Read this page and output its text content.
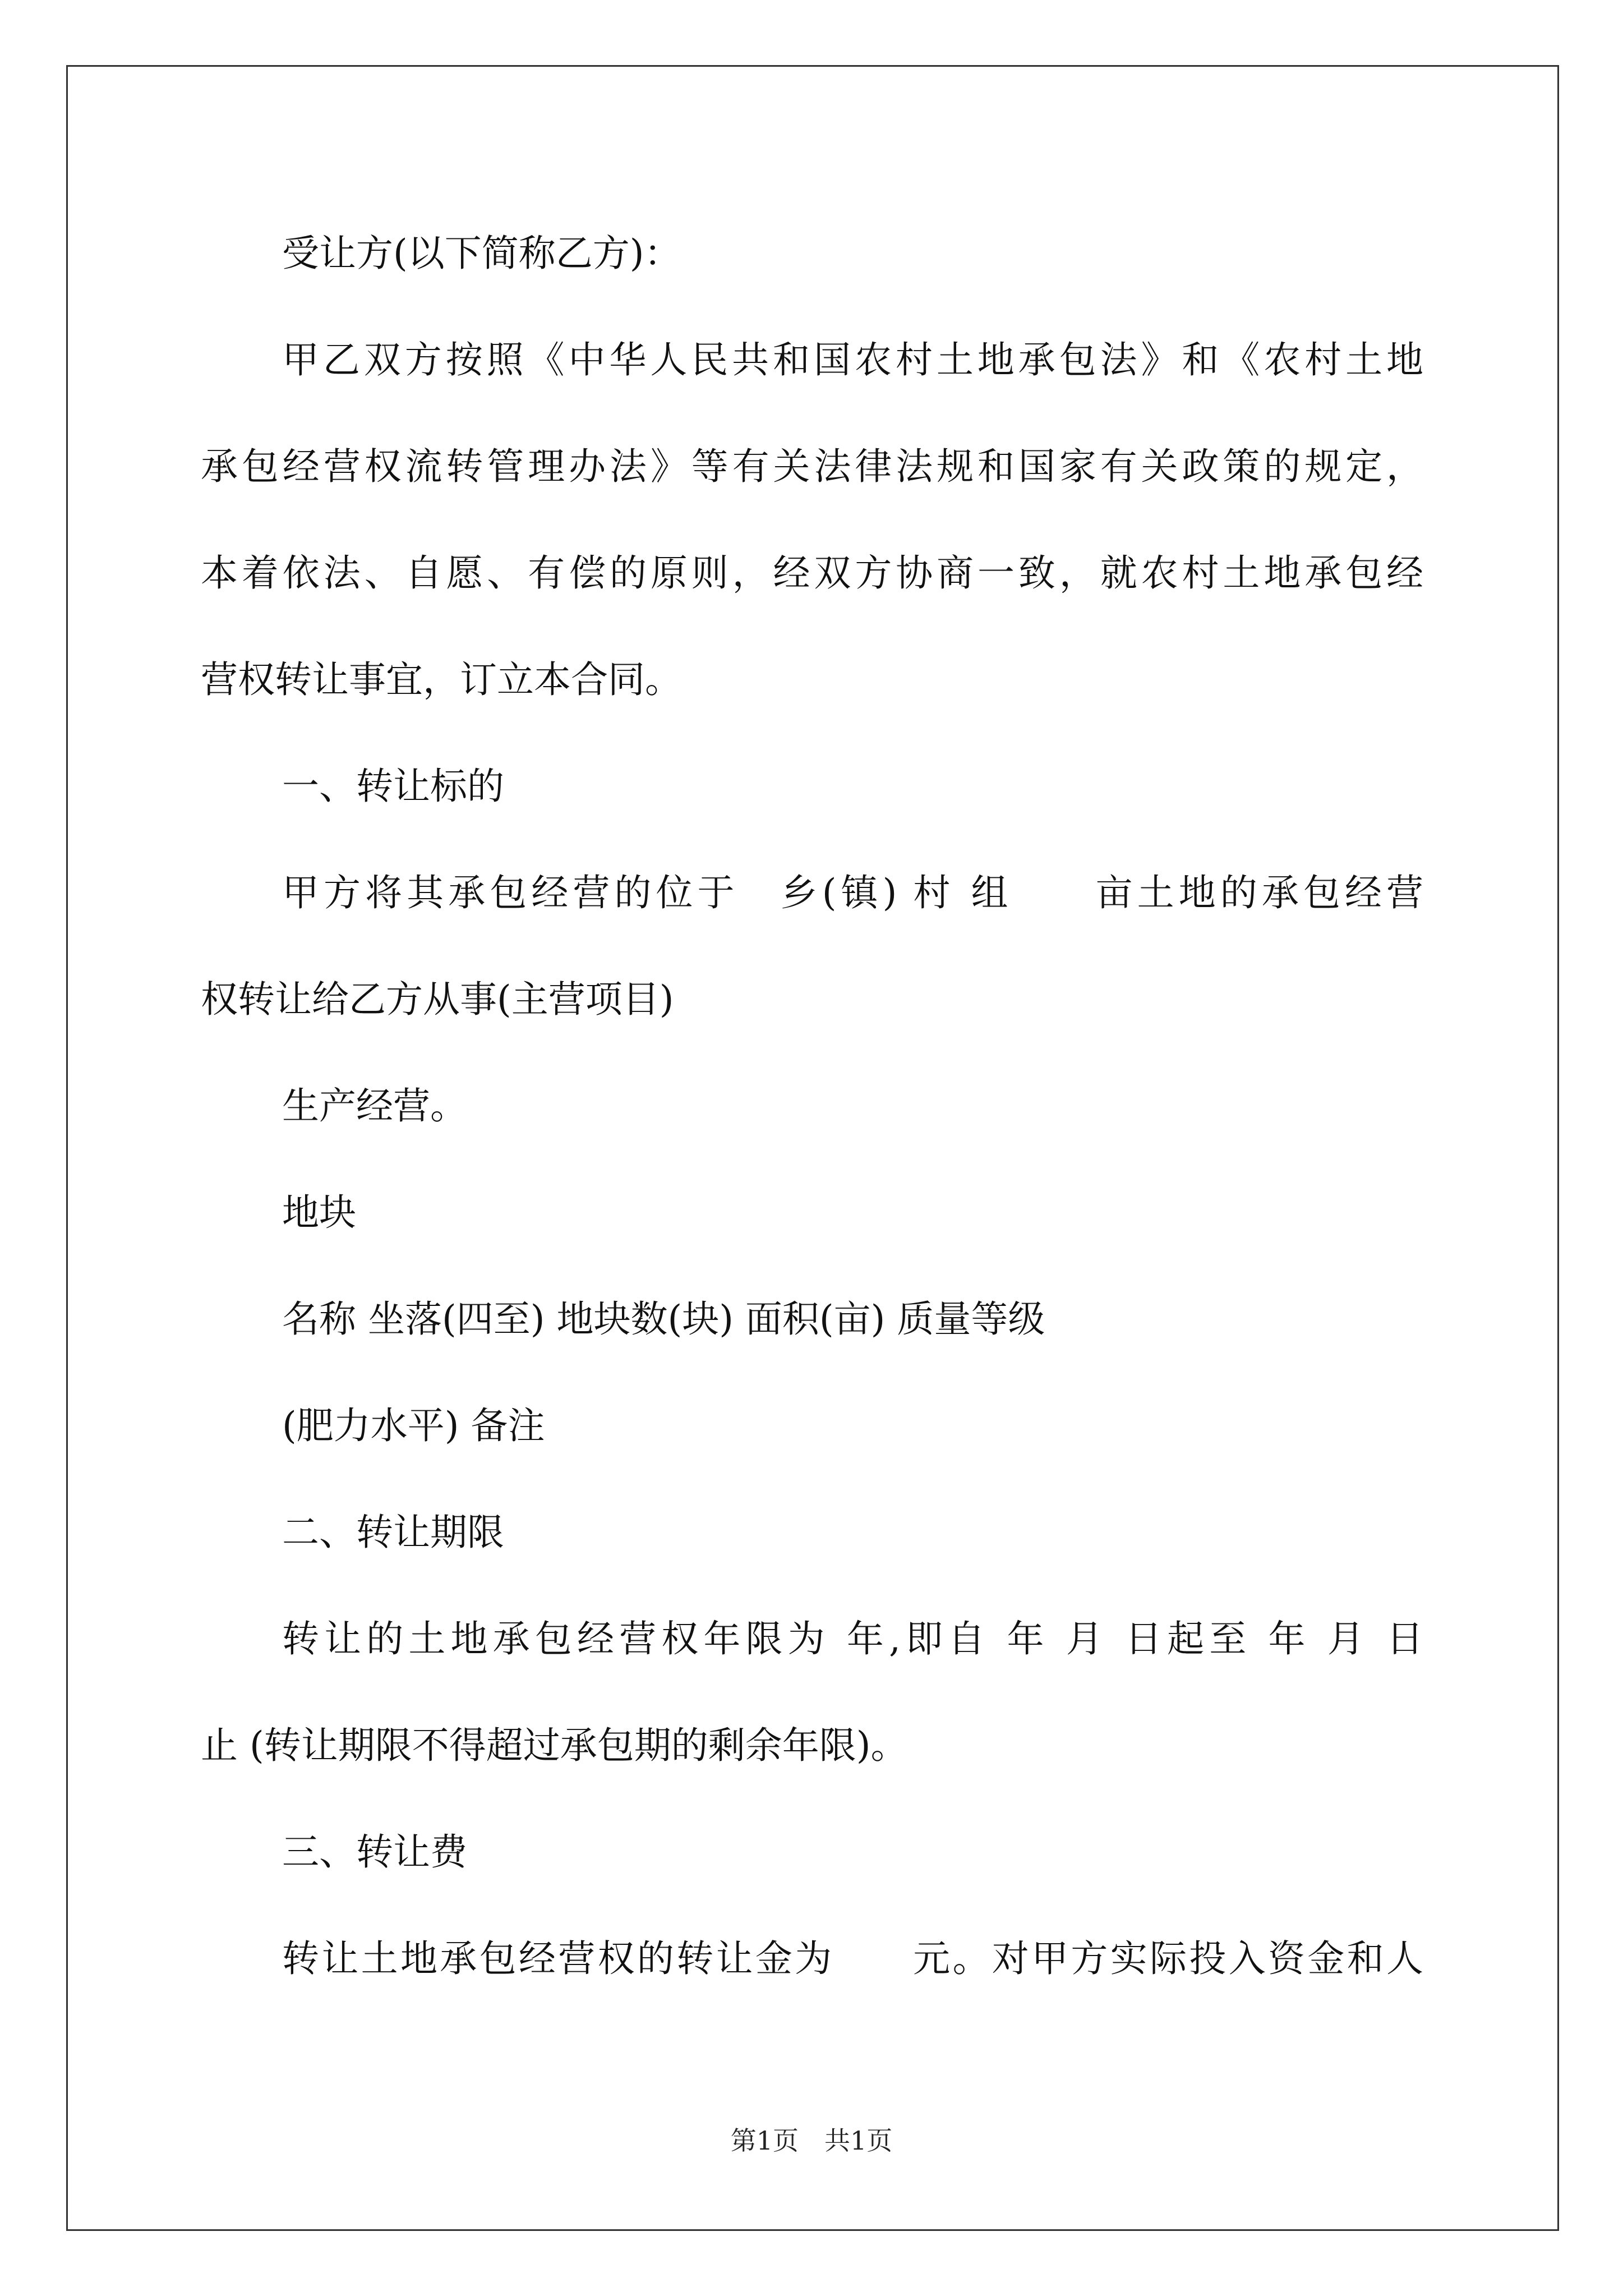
受让方(以下简称乙方)：
甲乙双方按照《中华人民共和国农村土地承包法》和《农村土地
承包经营权流转管理办法》等有关法律法规和国家有关政策的规定，
本着依法、自愿、有偿的原则，经双方协商一致，就农村土地承包经
营权转让事宜，订立本合同。
一、转让标的
甲方将其承包经营的位于　乡(镇) 村 组　　亩土地的承包经营
权转让给乙方从事(主营项目)
生产经营。
地块
名称 坐落(四至) 地块数(块) 面积(亩) 质量等级
(肥力水平) 备注
二、转让期限
转让的土地承包经营权年限为 年,即自 年 月 日起至 年 月 日
止 (转让期限不得超过承包期的剩余年限)。
三、转让费
转让土地承包经营权的转让金为　　元。对甲方实际投入资金和人
第1页　共1页
